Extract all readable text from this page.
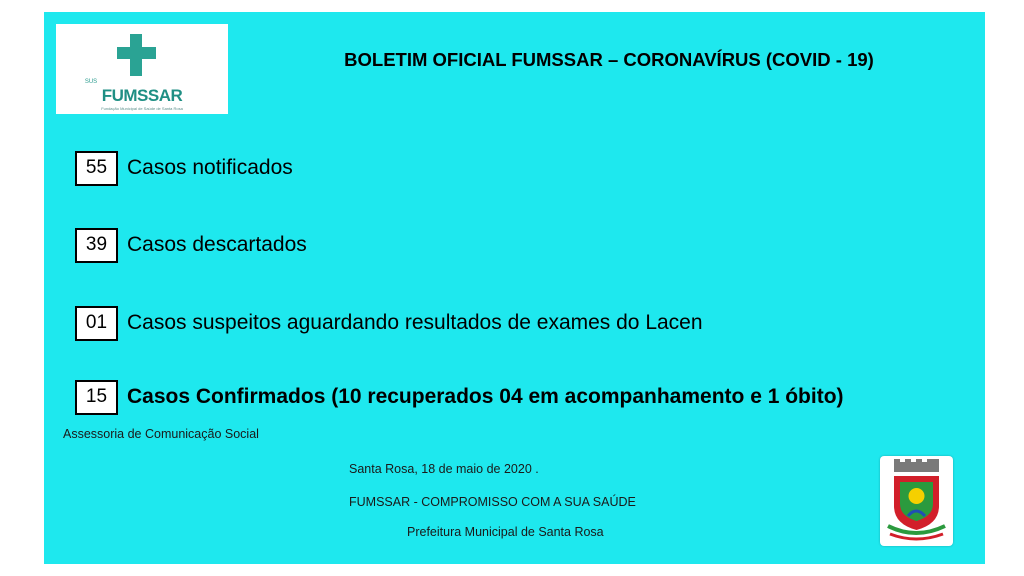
SUS
FUMSSAR
Fundação Municipal de Saúde de Santa Rosa
BOLETIM OFICIAL FUMSSAR – CORONAVÍRUS (COVID - 19)
55 Casos notificados
39 Casos descartados
01 Casos suspeitos aguardando resultados de exames do Lacen
15 Casos Confirmados (10 recuperados 04 em acompanhamento e 1 óbito)
Assessoria de Comunicação Social
Santa Rosa, 18 de maio de 2020 .
FUMSSAR - COMPROMISSO COM A SUA SAÚDE
Prefeitura Municipal de Santa Rosa
